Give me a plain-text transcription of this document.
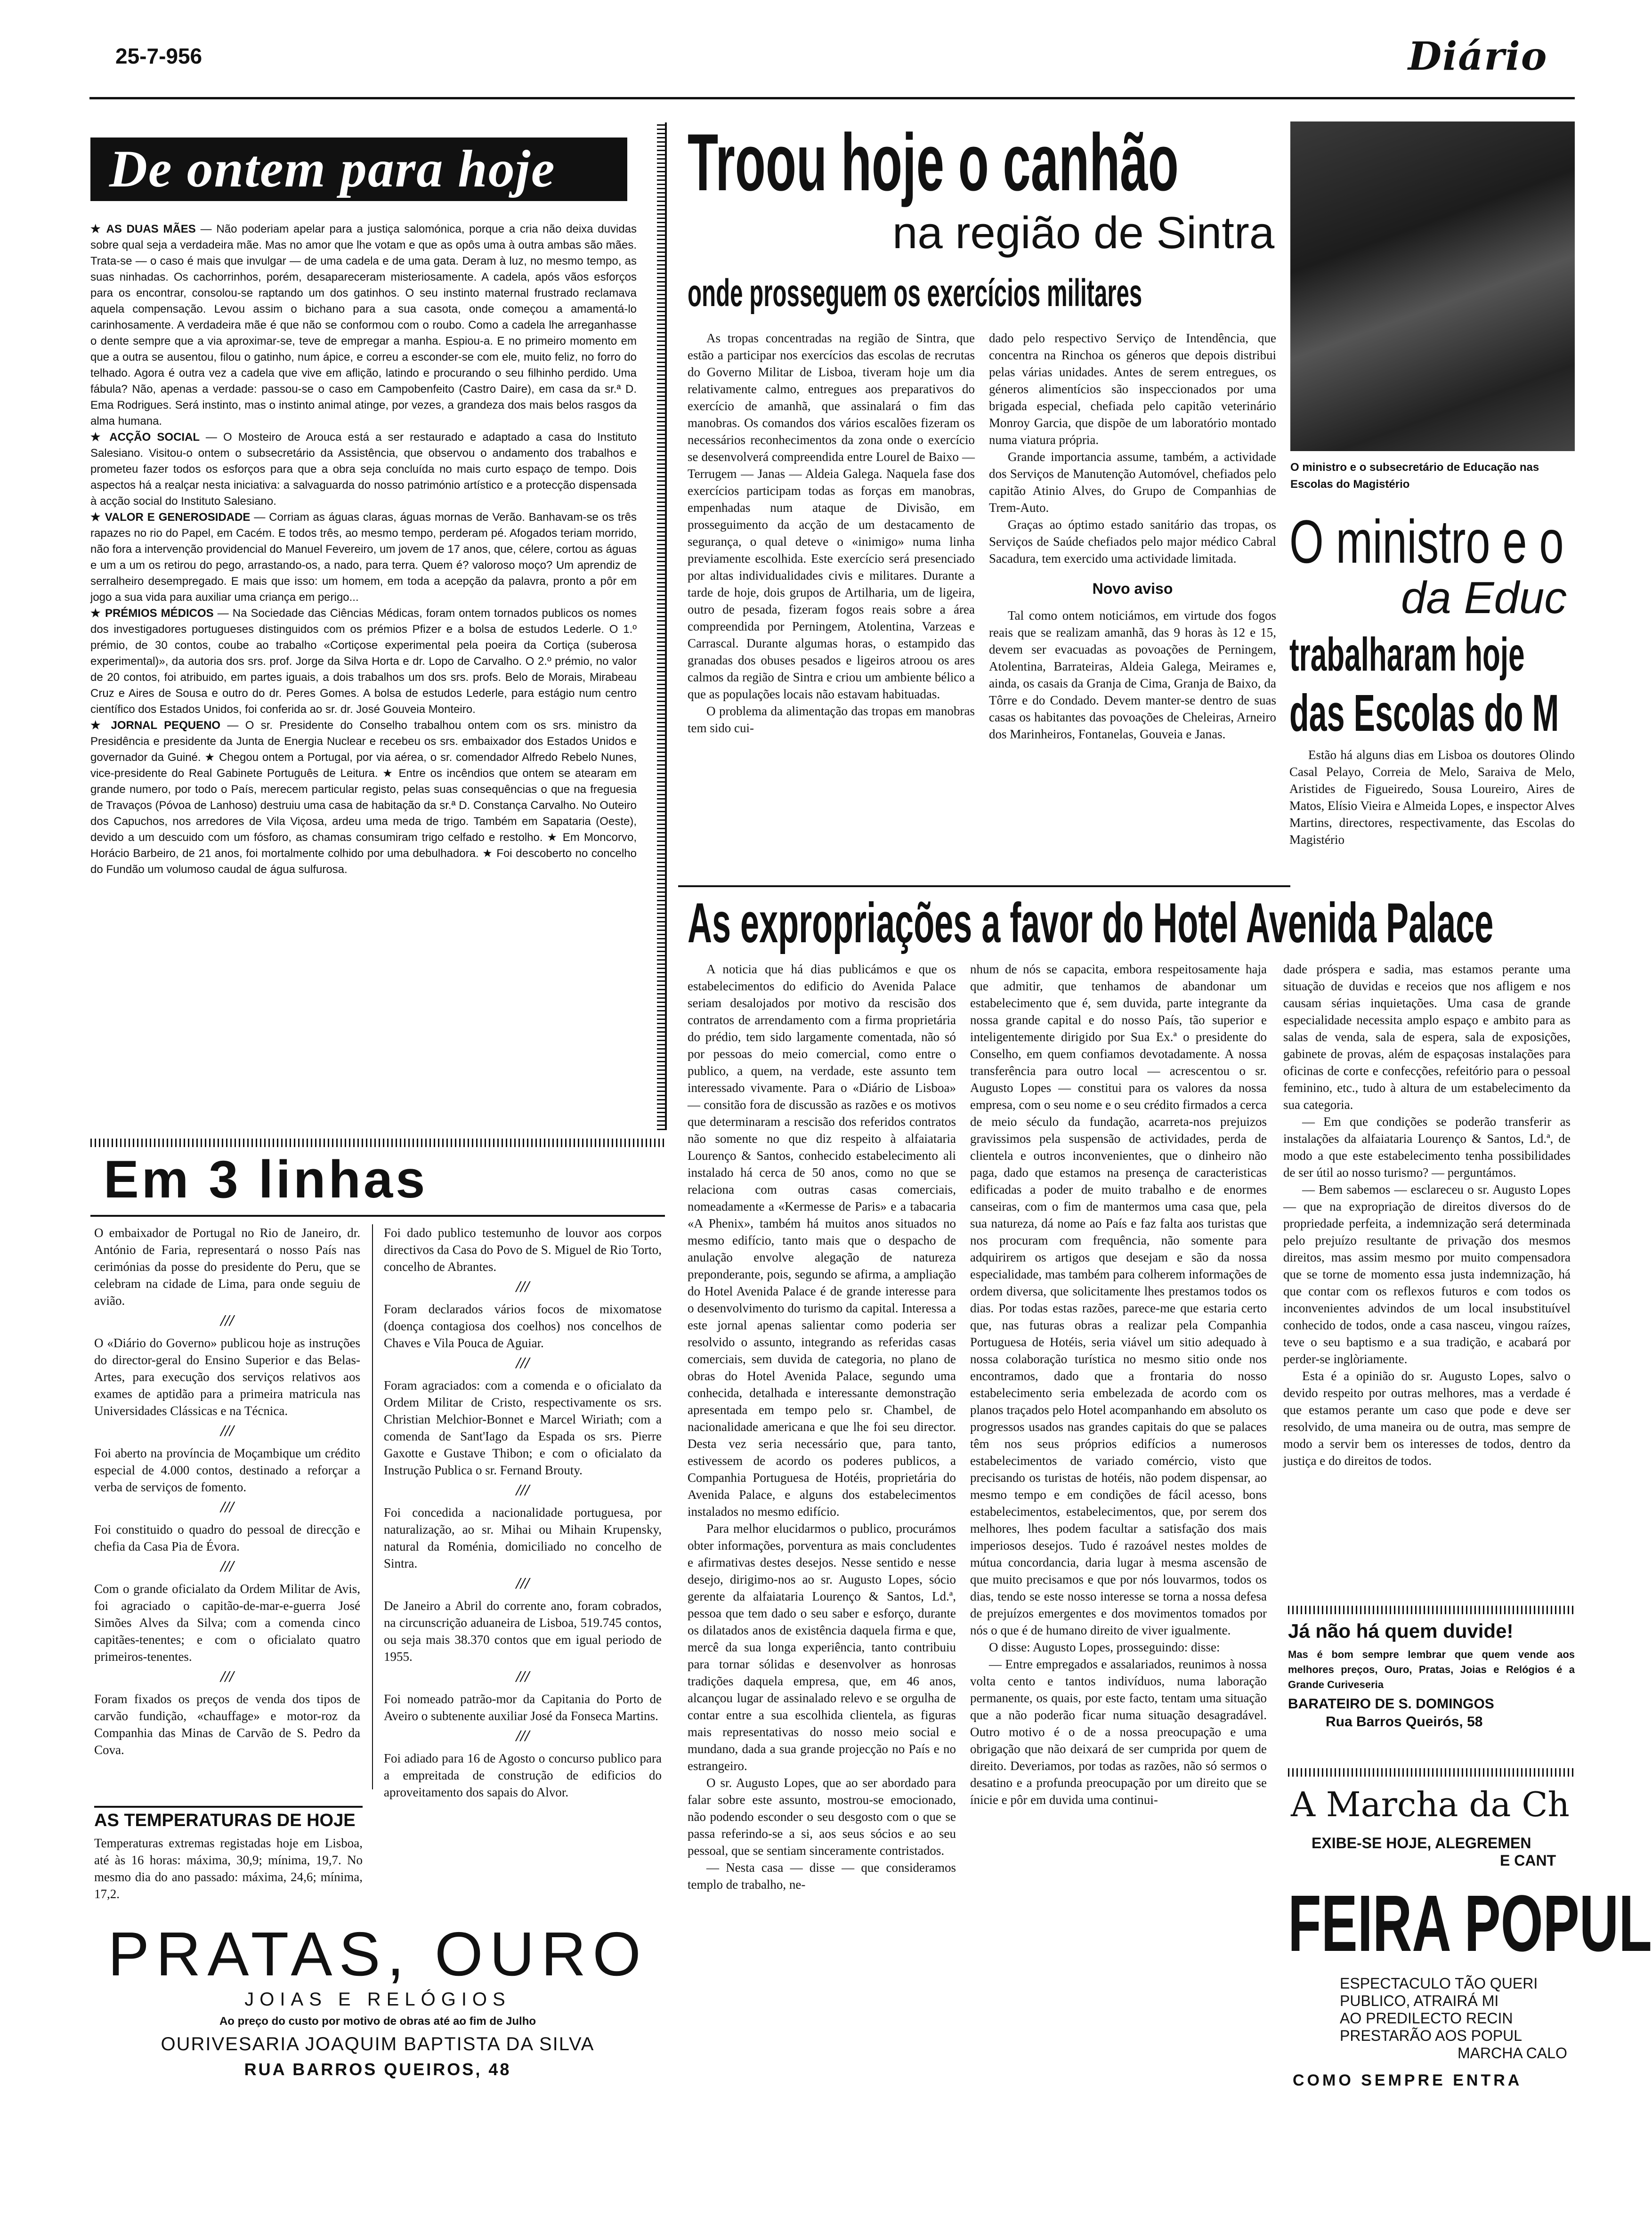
25-7-956	Diário
De ontem para hoje

★ AS DUAS MÃES — Não poderiam apelar para a justiça salomónica, porque a cria não deixa duvidas sobre qual seja a verdadeira mãe. Mas no amor que lhe votam e que as opôs uma à outra ambas são mães. Trata-se — o caso é mais que invulgar — de uma cadela e de uma gata. Deram à luz, no mesmo tempo, as suas ninhadas. Os cachorrinhos, porém, desapareceram misteriosamente. A cadela, após vãos esforços para os encontrar, consolou-se raptando um dos gatinhos. O seu instinto maternal frustrado reclamava aquela compensação. Levou assim o bichano para a sua casota, onde começou a amamentá-lo carinhosamente. A verdadeira mãe é que não se conformou com o roubo. Como a cadela lhe arreganhasse o dente sempre que a via aproximar-se, teve de empregar a manha. Espiou-a. E no primeiro momento em que a outra se ausentou, filou o gatinho, num ápice, e correu a esconder-se com ele, muito feliz, no forro do telhado. Agora é outra vez a cadela que vive em aflição, latindo e procurando o seu filhinho perdido. Uma fábula? Não, apenas a verdade: passou-se o caso em Campobenfeito (Castro Daire), em casa da sr.ª D. Ema Rodrigues. Será instinto, mas o instinto animal atinge, por vezes, a grandeza dos mais belos rasgos da alma humana.

★ ACÇÃO SOCIAL — O Mosteiro de Arouca está a ser restaurado e adaptado a casa do Instituto Salesiano. Visitou-o ontem o subsecretário da Assistência, que observou o andamento dos trabalhos e prometeu fazer todos os esforços para que a obra seja concluída no mais curto espaço de tempo. Dois aspectos há a realçar nesta iniciativa: a salvaguarda do nosso património artístico e a protecção dispensada à acção social do Instituto Salesiano.

★ VALOR E GENEROSIDADE — Corriam as águas claras, águas mornas de Verão. Banhavam-se os três rapazes no rio do Papel, em Cacém. E todos três, ao mesmo tempo, perderam pé. Afogados teriam morrido, não fora a intervenção providencial do Manuel Fevereiro, um jovem de 17 anos, que, célere, cortou as águas e um a um os retirou do pego, arrastando-os, a nado, para terra. Quem é? valoroso moço? Um aprendiz de serralheiro desempregado. E mais que isso: um homem, em toda a acepção da palavra, pronto a pôr em jogo a sua vida para auxiliar uma criança em perigo...

★ PRÉMIOS MÉDICOS — Na Sociedade das Ciências Médicas, foram ontem tornados publicos os nomes dos investigadores portugueses distinguidos com os prémios Pfizer e a bolsa de estudos Lederle. O 1.º prémio, de 30 contos, coube ao trabalho «Cortiçose experimental pela poeira da Cortiça (suberosa experimental)», da autoria dos srs. prof. Jorge da Silva Horta e dr. Lopo de Carvalho. O 2.º prémio, no valor de 20 contos, foi atribuido, em partes iguais, a dois trabalhos um dos srs. profs. Belo de Morais, Mirabeau Cruz e Aires de Sousa e outro do dr. Peres Gomes. A bolsa de estudos Lederle, para estágio num centro científico dos Estados Unidos, foi conferida ao sr. dr. José Gouveia Monteiro.

★ JORNAL PEQUENO — O sr. Presidente do Conselho trabalhou ontem com os srs. ministro da Presidência e presidente da Junta de Energia Nuclear e recebeu os srs. embaixador dos Estados Unidos e governador da Guiné. ★ Chegou ontem a Portugal, por via aérea, o sr. comendador Alfredo Rebelo Nunes, vice-presidente do Real Gabinete Português de Leitura. ★ Entre os incêndios que ontem se atearam em grande numero, por todo o País, merecem particular registo, pelas suas consequências o que na freguesia de Travaços (Póvoa de Lanhoso) destruiu uma casa de habitação da sr.ª D. Constança Carvalho. No Outeiro dos Capuchos, nos arredores de Vila Viçosa, ardeu uma meda de trigo. Também em Sapataria (Oeste), devido a um descuido com um fósforo, as chamas consumiram trigo celfado e restolho. ★ Em Moncorvo, Horácio Barbeiro, de 21 anos, foi mortalmente colhido por uma debulhadora. ★ Foi descoberto no concelho do Fundão um volumoso caudal de água sulfurosa.

Em 3 linhas

O embaixador de Portugal no Rio de Janeiro, dr. António de Faria, representará o nosso País nas cerimónias da posse do presidente do Peru, que se celebram na cidade de Lima, para onde seguiu de avião.

///

O «Diário do Governo» publicou hoje as instruções do director-geral do Ensino Superior e das Belas-Artes, para execução dos serviços relativos aos exames de aptidão para a primeira matricula nas Universidades Clássicas e na Técnica.

///

Foi aberto na província de Moçambique um crédito especial de 4.000 contos, destinado a reforçar a verba de serviços de fomento.

///

Foi constituido o quadro do pessoal de direcção e chefia da Casa Pia de Évora.

///

Com o grande oficialato da Ordem Militar de Avis, foi agraciado o capitão-de-mar-e-guerra José Simões Alves da Silva; com a comenda cinco capitães-tenentes; e com o oficialato quatro primeiros-tenentes.

///

Foram fixados os preços de venda dos tipos de carvão fundição, «chauffage» e motor-roz da Companhia das Minas de Carvão de S. Pedro da Cova.

Foi dado publico testemunho de louvor aos corpos directivos da Casa do Povo de S. Miguel de Rio Torto, concelho de Abrantes.

///

Foram declarados vários focos de mixomatose (doença contagiosa dos coelhos) nos concelhos de Chaves e Vila Pouca de Aguiar.

///

Foram agraciados: com a comenda e o oficialato da Ordem Militar de Cristo, respectivamente os srs. Christian Melchior-Bonnet e Marcel Wiriath; com a comenda de Sant'Iago da Espada os srs. Pierre Gaxotte e Gustave Thibon; e com o oficialato da Instrução Publica o sr. Fernand Brouty.

///

Foi concedida a nacionalidade portuguesa, por naturalização, ao sr. Mihai ou Mihain Krupensky, natural da Roménia, domiciliado no concelho de Sintra.

///

De Janeiro a Abril do corrente ano, foram cobrados, na circunscrição aduaneira de Lisboa, 519.745 contos, ou seja mais 38.370 contos que em igual periodo de 1955.

///

Foi nomeado patrão-mor da Capitania do Porto de Aveiro o subtenente auxiliar José da Fonseca Martins.

///

Foi adiado para 16 de Agosto o concurso publico para a empreitada de construção de edificios do aproveitamento dos sapais do Alvor.

AS TEMPERATURAS DE HOJE

Temperaturas extremas registadas hoje em Lisboa, até às 16 horas: máxima, 30,9; mínima, 19,7. No mesmo dia do ano passado: máxima, 24,6; mínima, 17,2.

PRATAS, OURO
JOIAS E RELÓGIOS
Ao preço do custo por motivo de obras até ao fim de Julho
OURIVESARIA JOAQUIM BAPTISTA DA SILVA
RUA BARROS QUEIROS, 48
Troou hoje o canhão
na região de Sintra
onde prosseguem os exercícios militares

As tropas concentradas na região de Sintra, que estão a participar nos exercícios das escolas de recrutas do Governo Militar de Lisboa, tiveram hoje um dia relativamente calmo, entregues aos preparativos do exercício de amanhã, que assinalará o fim das manobras. Os comandos dos vários escalões fizeram os necessários reconhecimentos da zona onde o exercício se desenvolverá compreendida entre Lourel de Baixo — Terrugem — Janas — Aldeia Galega. Naquela fase dos exercícios participam todas as forças em manobras, empenhadas num ataque de Divisão, em prosseguimento da acção de um destacamento de segurança, o qual deteve o «inimigo» numa linha previamente escolhida. Este exercício será presenciado por altas individualidades civis e militares. Durante a tarde de hoje, dois grupos de Artilharia, um de ligeira, outro de pesada, fizeram fogos reais sobre a área compreendida por Perningem, Atolentina, Varzeas e Carrascal. Durante algumas horas, o estampido das granadas dos obuses pesados e ligeiros atroou os ares calmos da região de Sintra e criou um ambiente bélico a que as populações locais não estavam habituadas.

O problema da alimentação das tropas em manobras tem sido cui-

dado pelo respectivo Serviço de Intendência, que concentra na Rinchoa os géneros que depois distribui pelas várias unidades. Antes de serem entregues, os géneros alimentícios são inspeccionados por uma brigada especial, chefiada pelo capitão veterinário Monroy Garcia, que dispõe de um laboratório montado numa viatura própria.

Grande importancia assume, também, a actividade dos Serviços de Manutenção Automóvel, chefiados pelo capitão Atinio Alves, do Grupo de Companhias de Trem-Auto.

Graças ao óptimo estado sanitário das tropas, os Serviços de Saúde chefiados pelo major médico Cabral Sacadura, tem exercido uma actividade limitada.

Novo aviso

Tal como ontem noticiámos, em virtude dos fogos reais que se realizam amanhã, das 9 horas às 12 e 15, devem ser evacuadas as povoações de Perningem, Atolentina, Barrateiras, Aldeia Galega, Meirames e, ainda, os casais da Granja de Cima, Granja de Baixo, da Tôrre e do Condado. Devem manter-se dentro de suas casas os habitantes das povoações de Cheleiras, Arneiro dos Marinheiros, Fontanelas, Gouveia e Janas.

As expropriações a favor do Hotel Avenida Palace

A noticia que há dias publicámos e que os estabelecimentos do edificio do Avenida Palace seriam desalojados por motivo da rescisão dos contratos de arrendamento com a firma proprietária do prédio, tem sido largamente comentada, não só por pessoas do meio comercial, como entre o publico, a quem, na verdade, este assunto tem interessado vivamente. Para o «Diário de Lisboa» — consitão fora de discussão as razões e os motivos que determinaram a rescisão dos referidos contratos não somente no que diz respeito à alfaiataria Lourenço & Santos, conhecido estabelecimento ali instalado há cerca de 50 anos, como no que se relaciona com outras casas comerciais, nomeadamente a «Kermesse de Paris» e a tabacaria «A Phenix», também há muitos anos situados no mesmo edifício, tanto mais que o despacho de anulação envolve alegação de natureza preponderante, pois, segundo se afirma, a ampliação do Hotel Avenida Palace é de grande interesse para o desenvolvimento do turismo da capital. Interessa a este jornal apenas salientar como poderia ser resolvido o assunto, integrando as referidas casas comerciais, sem duvida de categoria, no plano de obras do Hotel Avenida Palace, segundo uma conhecida, detalhada e interessante demonstração apresentada em tempo pelo sr. Chambel, de nacionalidade americana e que lhe foi seu director. Desta vez seria necessário que, para tanto, estivessem de acordo os poderes publicos, a Companhia Portuguesa de Hotéis, proprietária do Avenida Palace, e alguns dos estabelecimentos instalados no mesmo edifício.

Para melhor elucidarmos o publico, procurámos obter informações, porventura as mais concludentes e afirmativas destes desejos. Nesse sentido e nesse desejo, dirigimo-nos ao sr. Augusto Lopes, sócio gerente da alfaiataria Lourenço & Santos, Ld.ª, pessoa que tem dado o seu saber e esforço, durante os dilatados anos de existência daquela firma e que, mercê da sua longa experiência, tanto contribuiu para tornar sólidas e desenvolver as honrosas tradições daquela empresa, que, em 46 anos, alcançou lugar de assinalado relevo e se orgulha de contar entre a sua escolhida clientela, as figuras mais representativas do nosso meio social e mundano, dada a sua grande projecção no País e no estrangeiro.

O sr. Augusto Lopes, que ao ser abordado para falar sobre este assunto, mostrou-se emocionado, não podendo esconder o seu desgosto com o que se passa referindo-se a si, aos seus sócios e ao seu pessoal, que se sentiam sinceramente contristados.

— Nesta casa — disse — que consideramos templo de trabalho, ne-

nhum de nós se capacita, embora respeitosamente haja que admitir, que tenhamos de abandonar um estabelecimento que é, sem duvida, parte integrante da nossa grande capital e do nosso País, tão superior e inteligentemente dirigido por Sua Ex.ª o presidente do Conselho, em quem confiamos devotadamente. A nossa transferência para outro local — acrescentou o sr. Augusto Lopes — constitui para os valores da nossa empresa, com o seu nome e o seu crédito firmados a cerca de meio século da fundação, acarreta-nos prejuizos gravissimos pela suspensão de actividades, perda de clientela e outros inconvenientes, que o dinheiro não paga, dado que estamos na presença de caracteristicas edificadas a poder de muito trabalho e de enormes canseiras, com o fim de mantermos uma casa que, pela sua natureza, dá nome ao País e faz falta aos turistas que nos procuram com frequência, não somente para adquirirem os artigos que desejam e são da nossa especialidade, mas também para colherem informações de ordem diversa, que solicitamente lhes prestamos todos os dias. Por todas estas razões, parece-me que estaria certo que, nas futuras obras a realizar pela Companhia Portuguesa de Hotéis, seria viável um sitio adequado à nossa colaboração turística no mesmo sitio onde nos encontramos, dado que a frontaria do nosso estabelecimento seria embelezada de acordo com os planos traçados pelo Hotel acompanhando em absoluto os progressos usados nas grandes capitais do que se palaces têm nos seus próprios edifícios a numerosos estabelecimentos de variado comércio, visto que precisando os turistas de hotéis, não podem dispensar, ao mesmo tempo e em condições de fácil acesso, bons estabelecimentos, estabelecimentos, que, por serem dos melhores, lhes podem facultar a satisfação dos mais imperiosos desejos. Tudo é razoável nestes moldes de mútua concordancia, daria lugar à mesma ascensão de que muito precisamos e que por nós louvarmos, todos os dias, tendo se este nosso interesse se torna a nossa defesa de prejuízos emergentes e dos movimentos tomados por nós o que é de humano direito de viver igualmente.

O disse: Augusto Lopes, prosseguindo: disse:

— Entre empregados e assalariados, reunimos à nossa volta cento e tantos indivíduos, numa laboração permanente, os quais, por este facto, tentam uma situação que a não poderão ficar numa situação desagradável. Outro motivo é o de a nossa preocupação e uma obrigação que não deixará de ser cumprida por quem de direito. Deveriamos, por todas as razões, não só sermos o desatino e a profunda preocupação por um direito que se ínicie e pôr em duvida uma continui-

dade próspera e sadia, mas estamos perante uma situação de duvidas e receios que nos afligem e nos causam sérias inquietações. Uma casa de grande especialidade necessita amplo espaço e ambito para as salas de venda, sala de espera, sala de exposições, gabinete de provas, além de espaçosas instalações para oficinas de corte e confecções, refeitório para o pessoal feminino, etc., tudo à altura de um estabelecimento da sua categoria.

— Em que condições se poderão transferir as instalações da alfaiataria Lourenço & Santos, Ld.ª, de modo a que este estabelecimento tenha possibilidades de ser útil ao nosso turismo? — perguntámos.

— Bem sabemos — esclareceu o sr. Augusto Lopes — que na expropriação de direitos diversos do de propriedade perfeita, a indemnização será determinada pelo prejuízo resultante de privação dos mesmos direitos, mas assim mesmo por muito compensadora que se torne de momento essa justa indemnização, há que contar com os reflexos futuros e com todos os inconvenientes advindos de um local insubstituível conhecido de todos, onde a casa nasceu, vingou raízes, teve o seu baptismo e a sua tradição, e acabará por perder-se inglòriamente.

Esta é a opinião do sr. Augusto Lopes, salvo o devido respeito por outras melhores, mas a verdade é que estamos perante um caso que pode e deve ser resolvido, de uma maneira ou de outra, mas sempre de modo a servir bem os interesses de todos, dentro da justiça e do direitos de todos.

O ministro e o subsecretário de Educação nas Escolas do Magistério
O ministro e o
da Educ
trabalharam hoje
das Escolas do M

Estão há alguns dias em Lisboa os doutores Olindo Casal Pelayo, Correia de Melo, Saraiva de Melo, Aristides de Figueiredo, Sousa Loureiro, Aires de Matos, Elísio Vieira e Almeida Lopes, e inspector Alves Martins, directores, respectivamente, das Escolas do Magistério

Já não há quem duvide!

Mas é bom sempre lembrar que quem vende aos melhores preços, Ouro, Pratas, Joias e Relógios é a Grande Curiveseria

BARATEIRO DE S. DOMINGOS
Rua Barros Queirós, 58
A Marcha da Ch
EXIBE-SE HOJE, ALEGREMEN
E CANT
FEIRA POPUL
ESPECTACULO TÃO QUERI
PUBLICO, ATRAIRÁ MI
AO PREDILECTO RECIN
PRESTARÃO AOS POPUL
MARCHA CALO
COMO SEMPRE ENTRA
